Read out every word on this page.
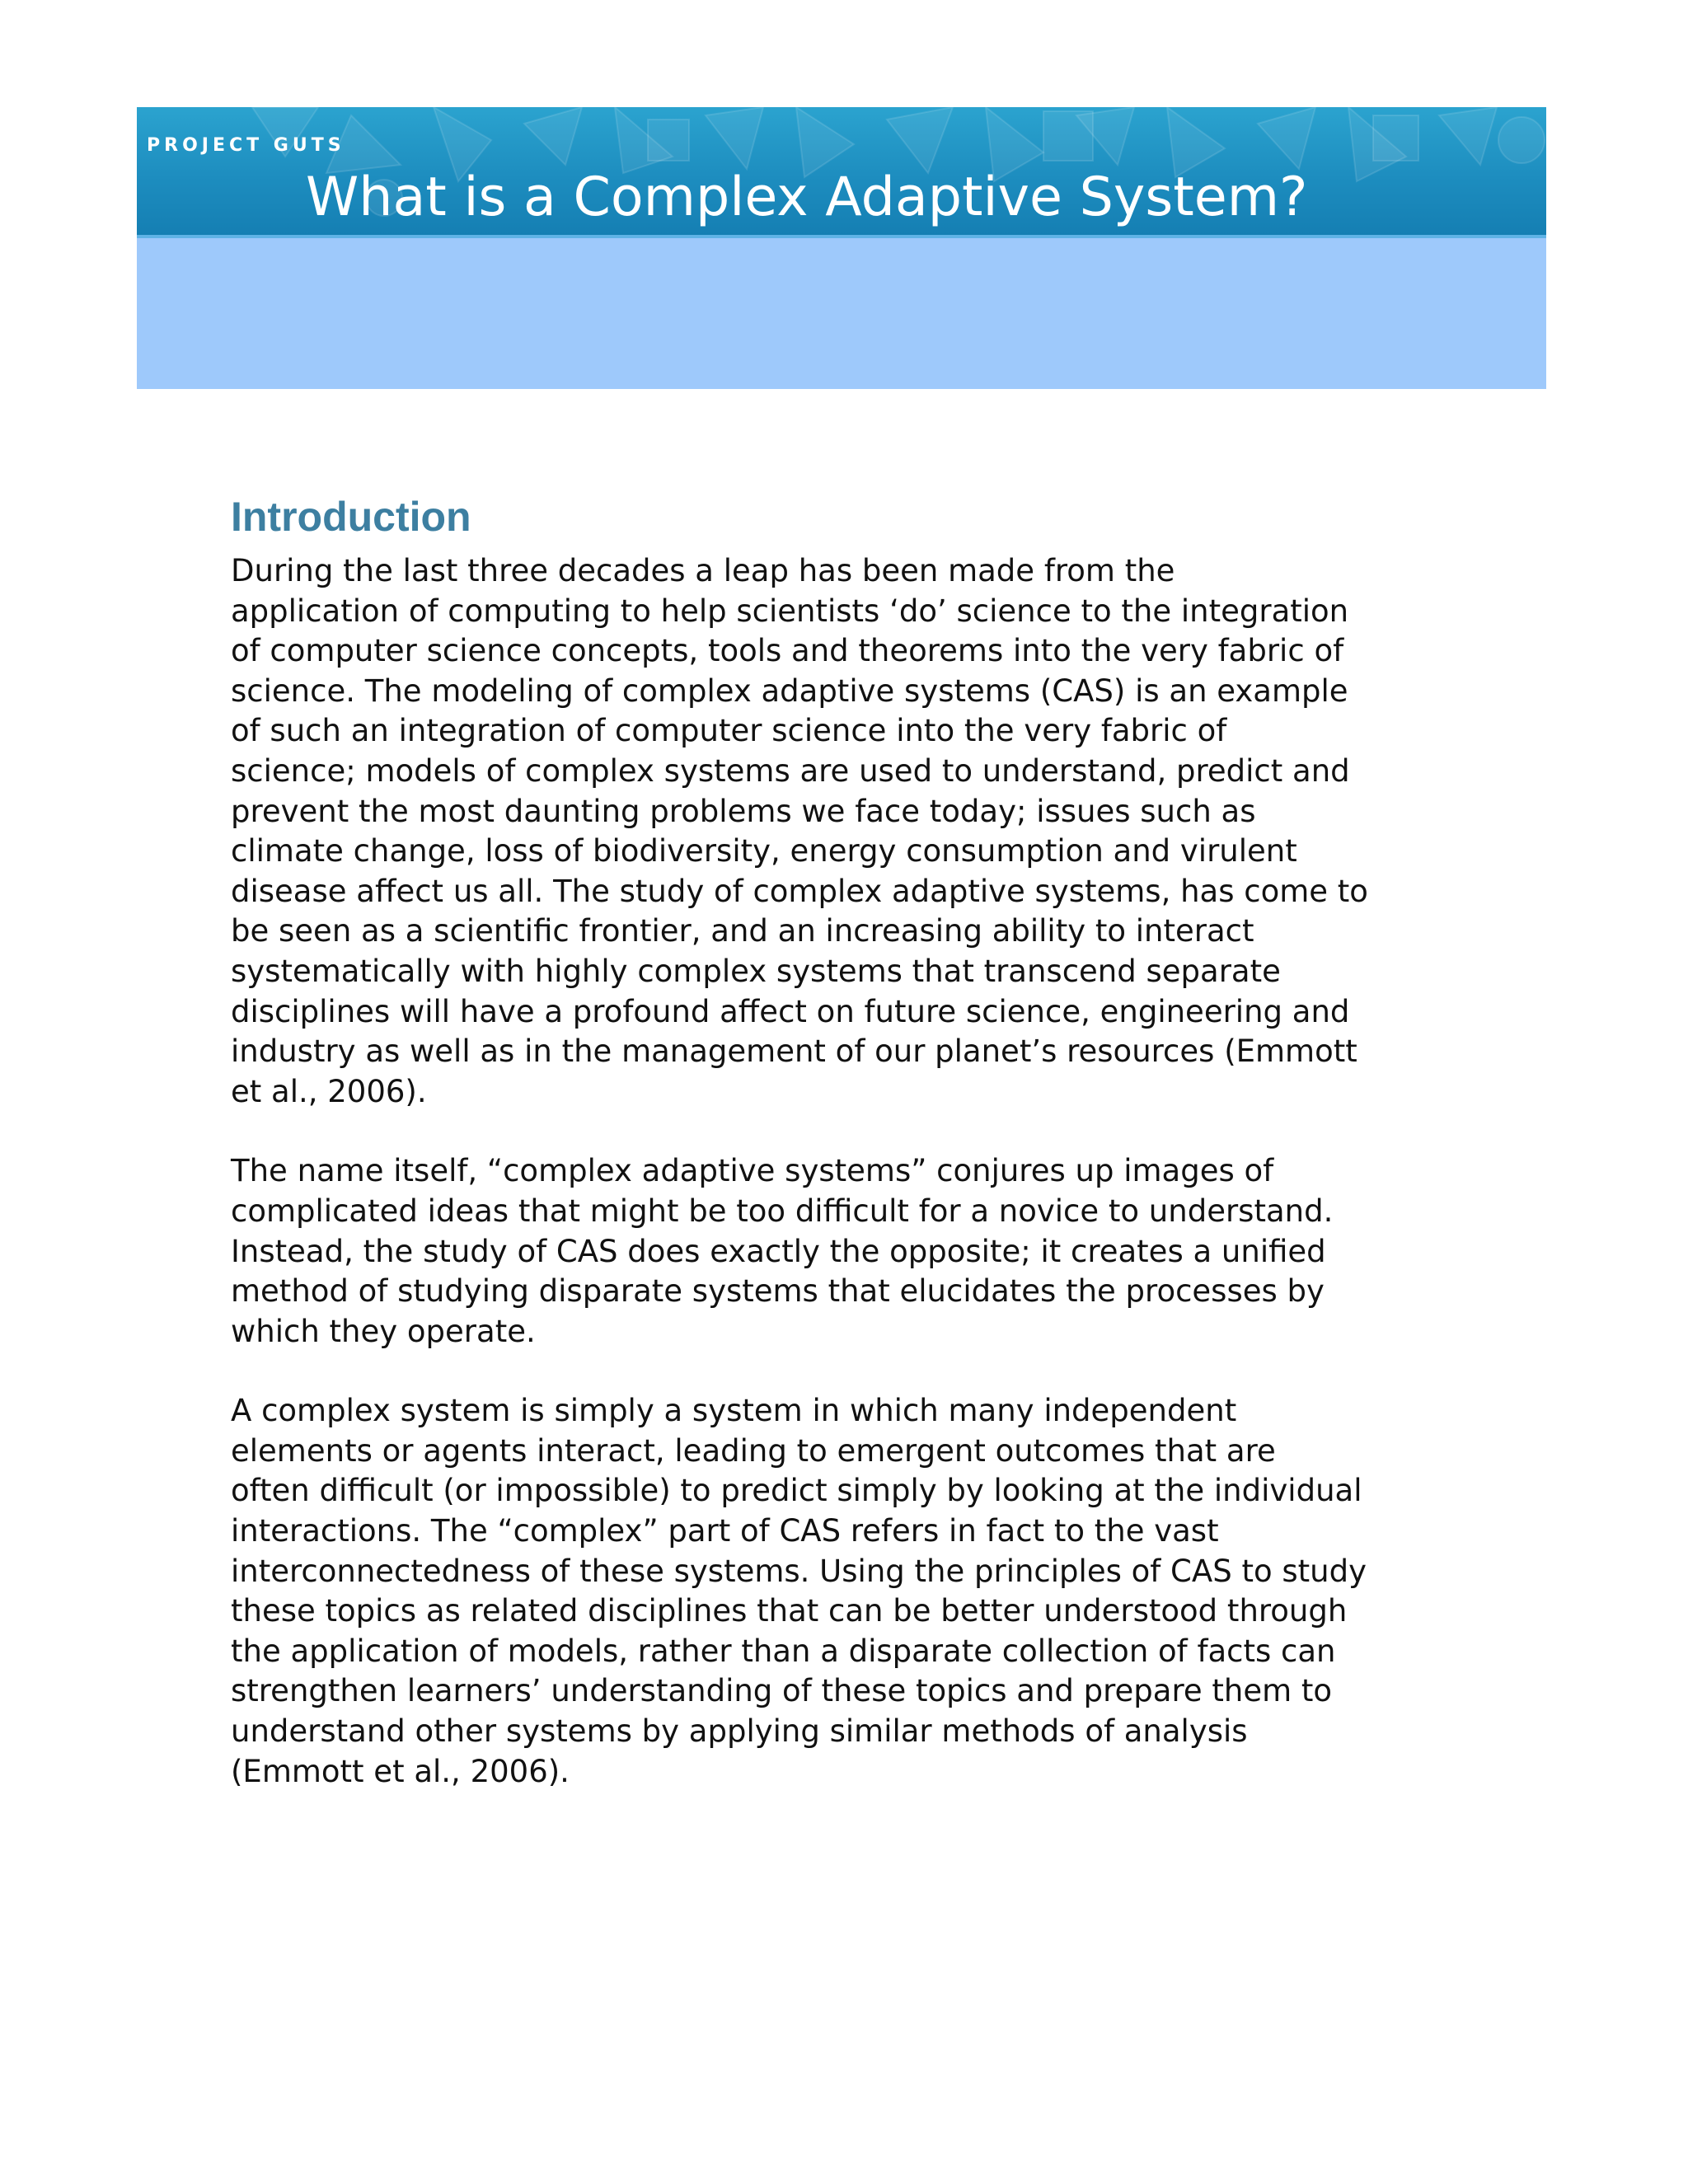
PROJECT GUTS
What is a Complex Adaptive System?
Introduction

During the last three decades a leap has been made from the
application of computing to help scientists ‘do’ science to the integration
of computer science concepts, tools and theorems into the very fabric of
science. The modeling of complex adaptive systems (CAS) is an example
of such an integration of computer science into the very fabric of
science; models of complex systems are used to understand, predict and
prevent the most daunting problems we face today; issues such as
climate change, loss of biodiversity, energy consumption and virulent
disease affect us all. The study of complex adaptive systems, has come to
be seen as a scientific frontier, and an increasing ability to interact
systematically with highly complex systems that transcend separate
disciplines will have a profound affect on future science, engineering and
industry as well as in the management of our planet’s resources (Emmott
et al., 2006).

The name itself, “complex adaptive systems” conjures up images of
complicated ideas that might be too difficult for a novice to understand.
Instead, the study of CAS does exactly the opposite; it creates a unified
method of studying disparate systems that elucidates the processes by
which they operate.

A complex system is simply a system in which many independent
elements or agents interact, leading to emergent outcomes that are
often difficult (or impossible) to predict simply by looking at the individual
interactions. The “complex” part of CAS refers in fact to the vast
interconnectedness of these systems. Using the principles of CAS to study
these topics as related disciplines that can be better understood through
the application of models, rather than a disparate collection of facts can
strengthen learners’ understanding of these topics and prepare them to
understand other systems by applying similar methods of analysis
(Emmott et al., 2006).
